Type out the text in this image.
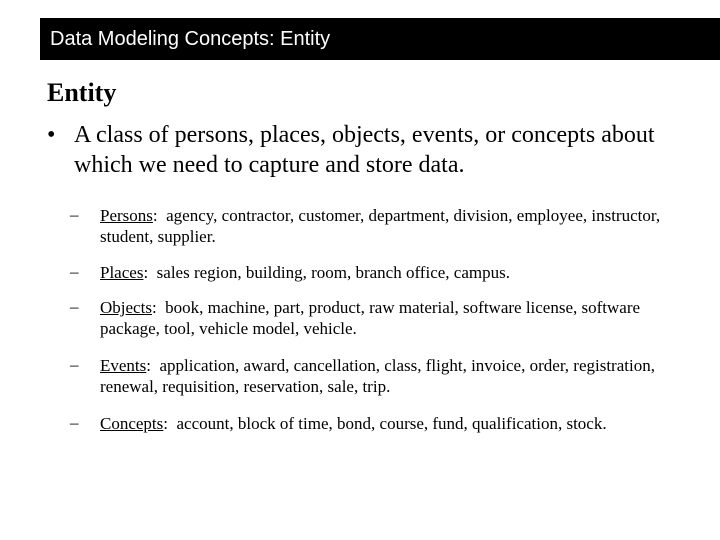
Data Modeling Concepts: Entity
Entity
• A class of persons, places, objects, events, or concepts about which we need to capture and store data.
– Persons: agency, contractor, customer, department, division, employee, instructor, student, supplier.
– Places: sales region, building, room, branch office, campus.
– Objects: book, machine, part, product, raw material, software license, software package, tool, vehicle model, vehicle.
– Events: application, award, cancellation, class, flight, invoice, order, registration, renewal, requisition, reservation, sale, trip.
– Concepts: account, block of time, bond, course, fund, qualification, stock.
